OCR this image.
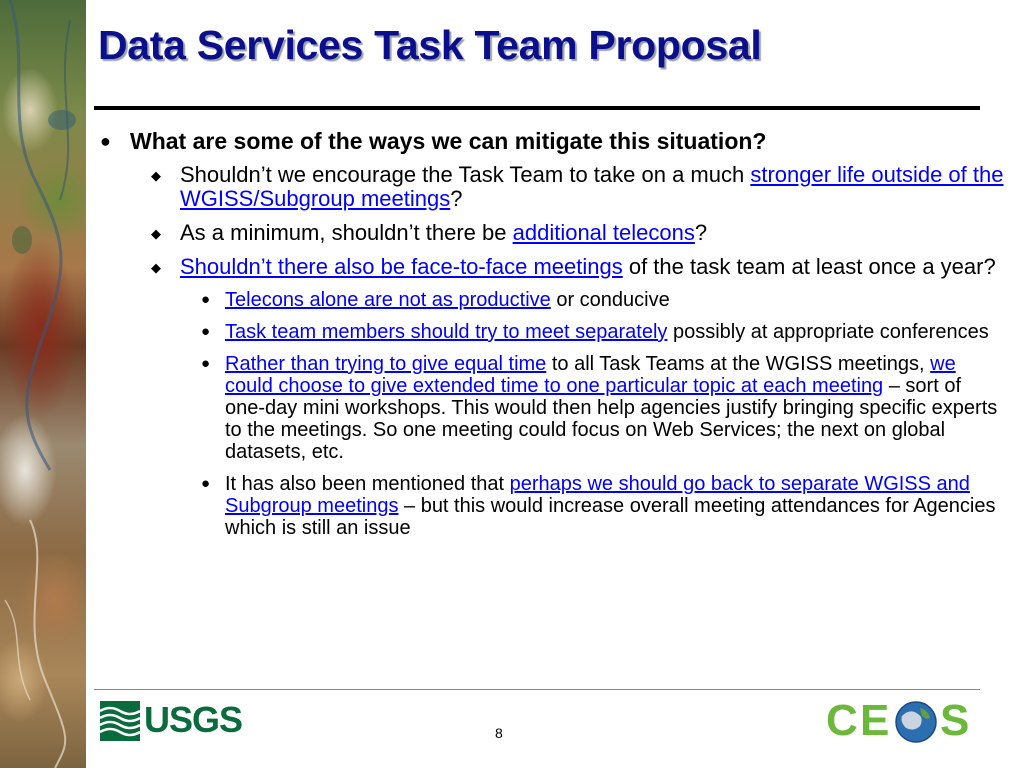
Data Services Task Team Proposal
● What are some of the ways we can mitigate this situation?
◆ Shouldn’t we encourage the Task Team to take on a much stronger life outside of the WGISS/Subgroup meetings?
◆ As a minimum, shouldn’t there be additional telecons?
◆ Shouldn’t there also be face-to-face meetings of the task team at least once a year?
● Telecons alone are not as productive or conducive
● Task team members should try to meet separately possibly at appropriate conferences
● Rather than trying to give equal time to all Task Teams at the WGISS meetings, we could choose to give extended time to one particular topic at each meeting – sort of one-day mini workshops. This would then help agencies justify bringing specific experts to the meetings. So one meeting could focus on Web Services; the next on global datasets, etc.
● It has also been mentioned that perhaps we should go back to separate WGISS and Subgroup meetings – but this would increase overall meeting attendances for Agencies which is still an issue
USGS	8	C E S
